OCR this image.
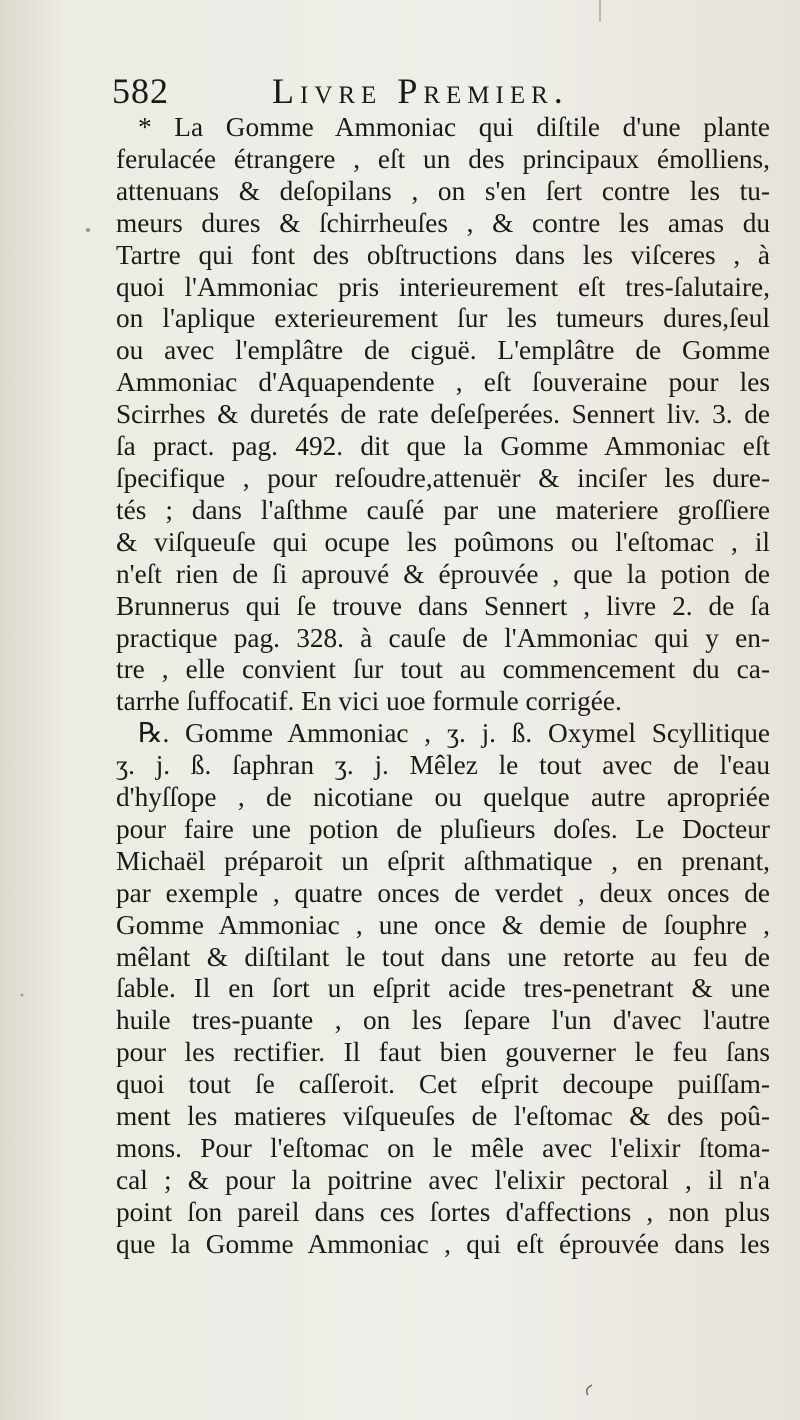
582	Livre Premier.
* La Gomme Ammoniac qui diſtile d'une plante
ferulacée étrangere , eſt un des principaux émolliens,
attenuans & deſopilans , on s'en ſert contre les tu-
meurs dures & ſchirrheuſes , & contre les amas du
Tartre qui font des obſtructions dans les viſceres , à
quoi l'Ammoniac pris interieurement eſt tres-ſalutaire,
on l'aplique exterieurement ſur les tumeurs dures,ſeul
ou avec l'emplâtre de ciguë. L'emplâtre de Gomme
Ammoniac d'Aquapendente , eſt ſouveraine pour les
Scirrhes & duretés de rate deſeſperées. Sennert liv. 3. de
ſa pract. pag. 492. dit que la Gomme Ammoniac eſt
ſpecifique , pour reſoudre,attenuër & inciſer les dure-
tés ; dans l'aſthme cauſé par une materiere groſſiere
& viſqueuſe qui ocupe les poûmons ou l'eſtomac , il
n'eſt rien de ſi aprouvé & éprouvée , que la potion de
Brunnerus qui ſe trouve dans Sennert , livre 2. de ſa
practique pag. 328. à cauſe de l'Ammoniac qui y en-
tre , elle convient ſur tout au commencement du ca-
tarrhe ſuffocatif. En vici uoe formule corrigée.
℞. Gomme Ammoniac , ʒ. j. ß. Oxymel Scyllitique
ʒ. j. ß. ſaphran ʒ. j. Mêlez le tout avec de l'eau
d'hyſſope , de nicotiane ou quelque autre apropriée
pour faire une potion de pluſieurs doſes. Le Docteur
Michaël préparoit un eſprit aſthmatique , en prenant,
par exemple , quatre onces de verdet , deux onces de
Gomme Ammoniac , une once & demie de ſouphre ,
mêlant & diſtilant le tout dans une retorte au feu de
ſable. Il en ſort un eſprit acide tres-penetrant & une
huile tres-puante , on les ſepare l'un d'avec l'autre
pour les rectifier. Il faut bien gouverner le feu ſans
quoi tout ſe caſſeroit. Cet eſprit decoupe puiſſam-
ment les matieres viſqueuſes de l'eſtomac & des poû-
mons. Pour l'eſtomac on le mêle avec l'elixir ſtoma-
cal ; & pour la poitrine avec l'elixir pectoral , il n'a
point ſon pareil dans ces ſortes d'affections , non plus
que la Gomme Ammoniac , qui eſt éprouvée dans les
